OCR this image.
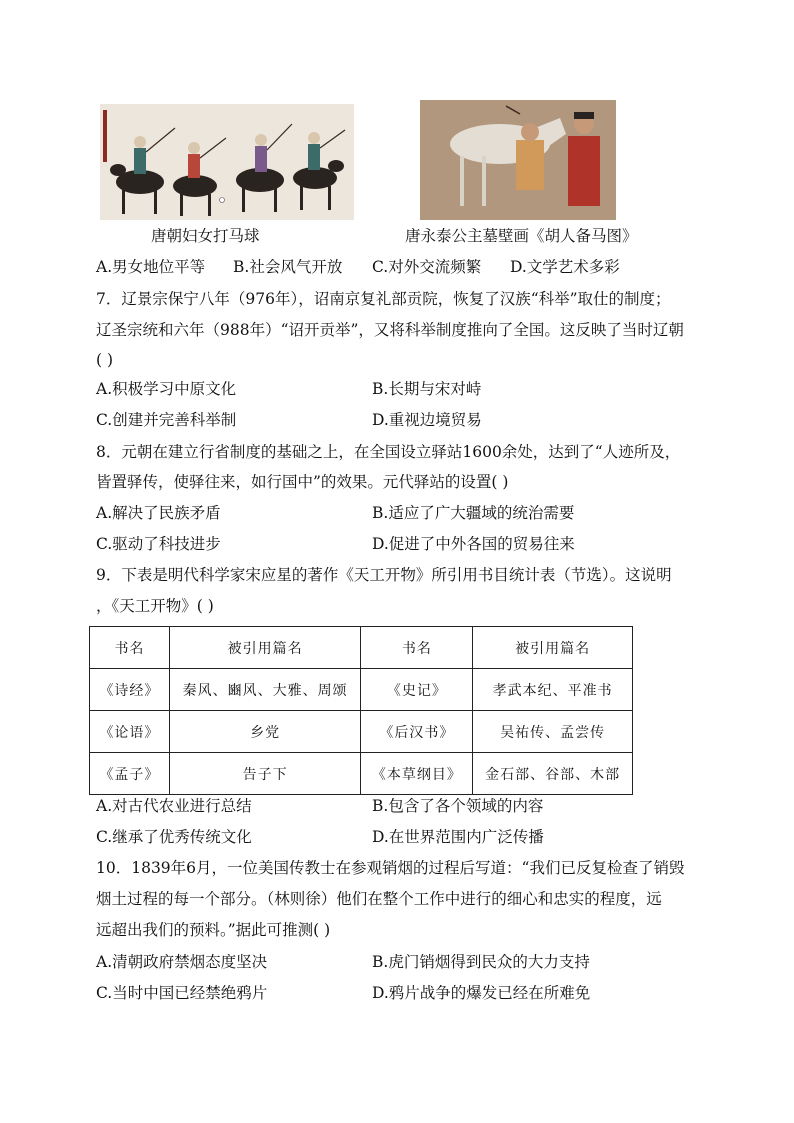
唐朝妇女打马球	唐永泰公主墓壁画《胡人备马图》
A.男女地位平等 B.社会风气开放 C.对外交流频繁 D.文学艺术多彩
7．辽景宗保宁八年（976年），诏南京复礼部贡院，恢复了汉族“科举”取仕的制度；
辽圣宗统和六年（988年）“诏开贡举”，又将科举制度推向了全国。这反映了当时辽朝
( )
A.积极学习中原文化	B.长期与宋对峙
C.创建并完善科举制	D.重视边境贸易
8．元朝在建立行省制度的基础之上，在全国设立驿站1600余处，达到了“人迹所及，
皆置驿传，使驿往来，如行国中”的效果。元代驿站的设置( )
A.解决了民族矛盾	B.适应了广大疆域的统治需要
C.驱动了科技进步	D.促进了中外各国的贸易往来
9．下表是明代科学家宋应星的著作《天工开物》所引用书目统计表（节选）。这说明
，《天工开物》( )
书名	被引用篇名	书名	被引用篇名
《诗经》	秦风、豳风、大雅、周颂	《史记》	孝武本纪、平准书
《论语》	乡党	《后汉书》	吴祐传、孟尝传
《孟子》	告子下	《本草纲目》	金石部、谷部、木部
A.对古代农业进行总结	B.包含了各个领域的内容
C.继承了优秀传统文化	D.在世界范围内广泛传播
10．1839年6月，一位美国传教士在参观销烟的过程后写道：“我们已反复检查了销毁
烟土过程的每一个部分。（林则徐）他们在整个工作中进行的细心和忠实的程度，远
远超出我们的预料。”据此可推测( )
A.清朝政府禁烟态度坚决	B.虎门销烟得到民众的大力支持
C.当时中国已经禁绝鸦片	D.鸦片战争的爆发已经在所难免
